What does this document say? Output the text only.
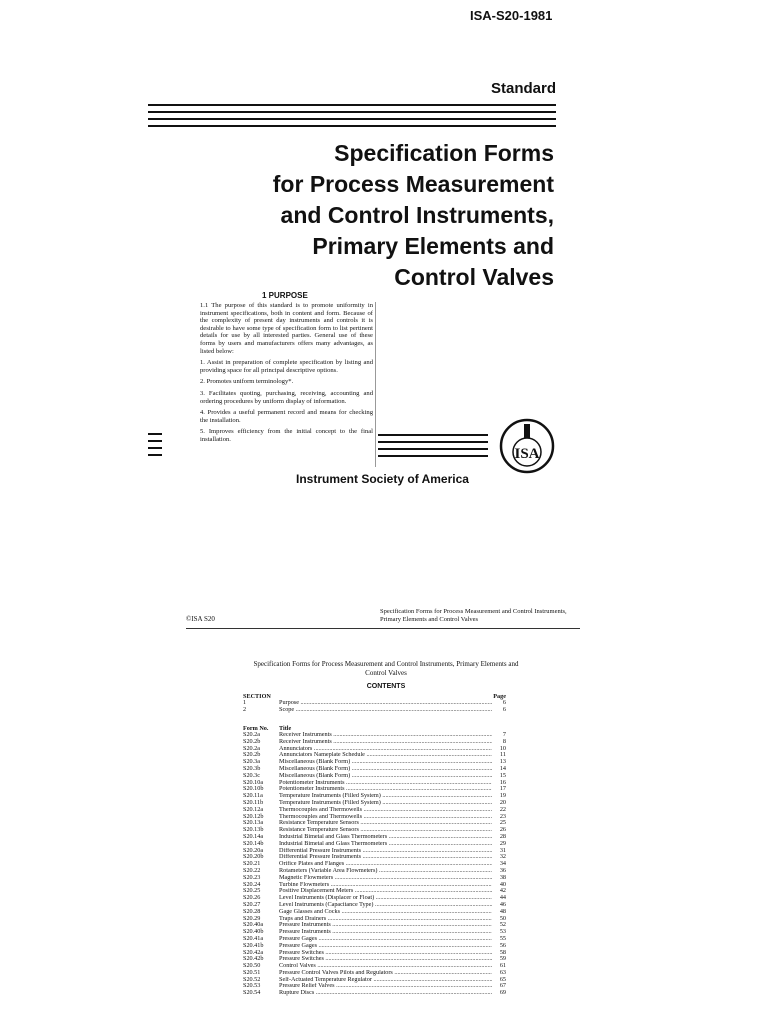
ISA-S20-1981
Standard
Specification Forms
for Process Measurement
and Control Instruments,
Primary Elements and
Control Valves
1 PURPOSE

1.1 The purpose of this standard is to promote uniformity in instrument specifications, both in content and form. Because of the complexity of present day instruments and controls it is desirable to have some type of specification form to list pertinent details for use by all interested parties. General use of these forms by users and manufacturers offers many advantages, as listed below:

1. Assist in preparation of complete specification by listing and providing space for all principal descriptive options.

2. Promotes uniform terminology*.

3. Facilitates quoting, purchasing, receiving, accounting and ordering procedures by uniform display of information.

4. Provides a useful permanent record and means for checking the installation.

5. Improves efficiency from the initial concept to the final installation.

ISA
Instrument Society of America
©ISA S20
Specification Forms for Process Measurement and Control Instruments, Primary Elements and Control Valves
Specification Forms for Process Measurement and Control Instruments, Primary Elements and Control Valves
CONTENTS
SECTION	Page
1	Purpose .....	6
2	Scope .....	6
Form No.	Title
S20.2a	Receiver Instruments .....	7
S20.2b	Receiver Instruments .....	8
S20.2a	Annunciators .....	10
S20.2b	Annunciators Nameplate Schedule .....	11
S20.3a	Miscellaneous (Blank Form) .....	13
S20.3b	Miscellaneous (Blank Form) .....	14
S20.3c	Miscellaneous (Blank Form) .....	15
S20.10a	Potentiometer Instruments .....	16
S20.10b	Potentiometer Instruments .....	17
S20.11a	Temperature Instruments (Filled System) .....	19
S20.11b	Temperature Instruments (Filled System) .....	20
S20.12a	Thermocouples and Thermowells .....	22
S20.12b	Thermocouples and Thermowells .....	23
S20.13a	Resistance Temperature Sensors .....	25
S20.13b	Resistance Temperature Sensors .....	26
S20.14a	Industrial Bimetal and Glass Thermometers .....	28
S20.14b	Industrial Bimetal and Glass Thermometers .....	29
S20.20a	Differential Pressure Instruments .....	31
S20.20b	Differential Pressure Instruments .....	32
S20.21	Orifice Plates and Flanges .....	34
S20.22	Rotameters (Variable Area Flowmeters) .....	36
S20.23	Magnetic Flowmeters .....	38
S20.24	Turbine Flowmeters .....	40
S20.25	Positive Displacement Meters .....	42
S20.26	Level Instruments (Displacer or Float) .....	44
S20.27	Level Instruments (Capacitance Type) .....	46
S20.28	Gage Glasses and Cocks .....	48
S20.29	Traps and Drainers .....	50
S20.40a	Pressure Instruments .....	52
S20.40b	Pressure Instruments .....	53
S20.41a	Pressure Gages .....	55
S20.41b	Pressure Gages .....	56
S20.42a	Pressure Switches .....	58
S20.42b	Pressure Switches .....	59
S20.50	Control Valves .....	61
S20.51	Pressure Control Valves Pilots and Regulators .....	63
S20.52	Self-Actuated Temperature Regulator .....	65
S20.53	Pressure Relief Valves .....	67
S20.54	Rupture Discs .....	69
